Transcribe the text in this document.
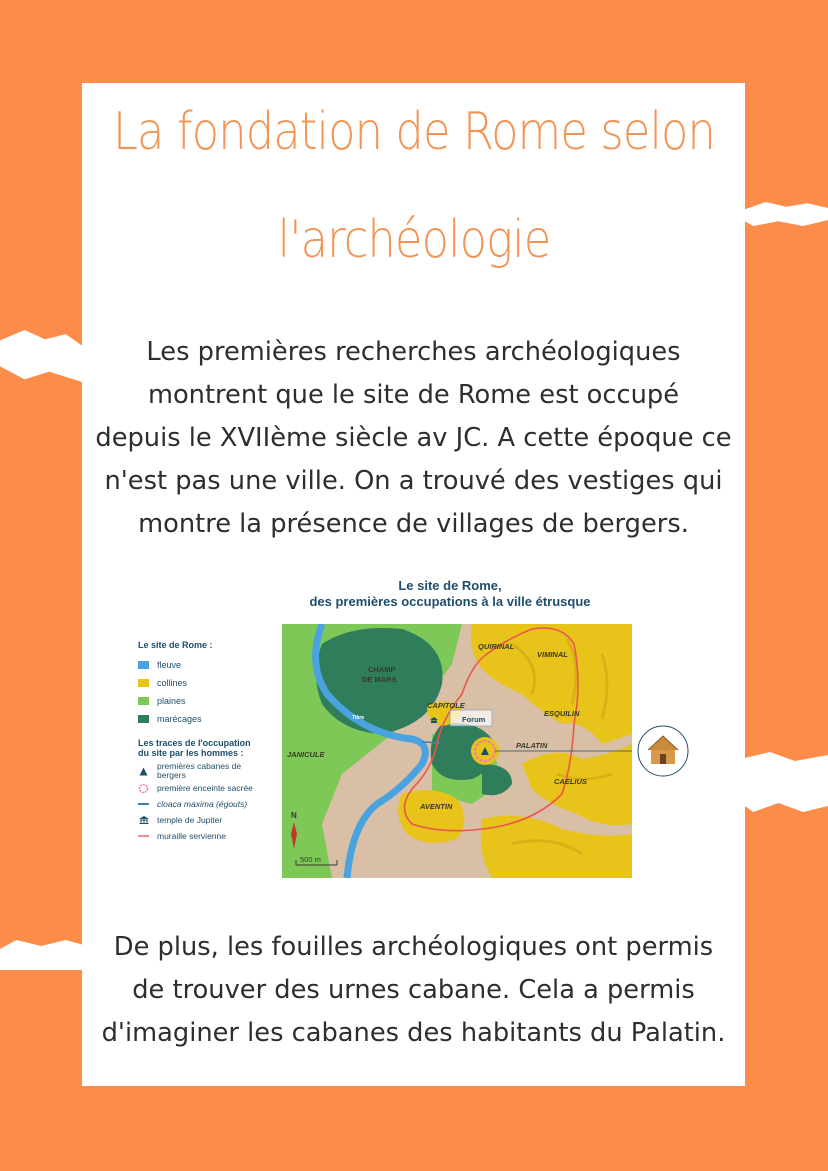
La fondation de Rome selon
l'archéologie
Les premières recherches archéologiques
montrent que le site de Rome est occupé
depuis le XVIIème siècle av JC. A cette époque ce
n'est pas une ville. On a trouvé des vestiges qui
montre la présence de villages de bergers.
Le site de Rome,
des premières occupations à la ville étrusque
Le site de Rome :
fleuve
collines
plaines
marécages
Les traces de l'occupation
du site par les hommes :
premières cabanes de bergers
première enceinte sacrée
cloaca maxima (égouts)
temple de Jupiter
muraille servienne
CHAMP
DE MARS
QUIRINAL
VIMINAL
CAPITOLE
Forum
ESQUILIN
PALATIN
JANICULE
CAELIUS
AVENTIN
Tibre
N
500 m
De plus, les fouilles archéologiques ont permis
de trouver des urnes cabane. Cela a permis
d'imaginer les cabanes des habitants du Palatin.
